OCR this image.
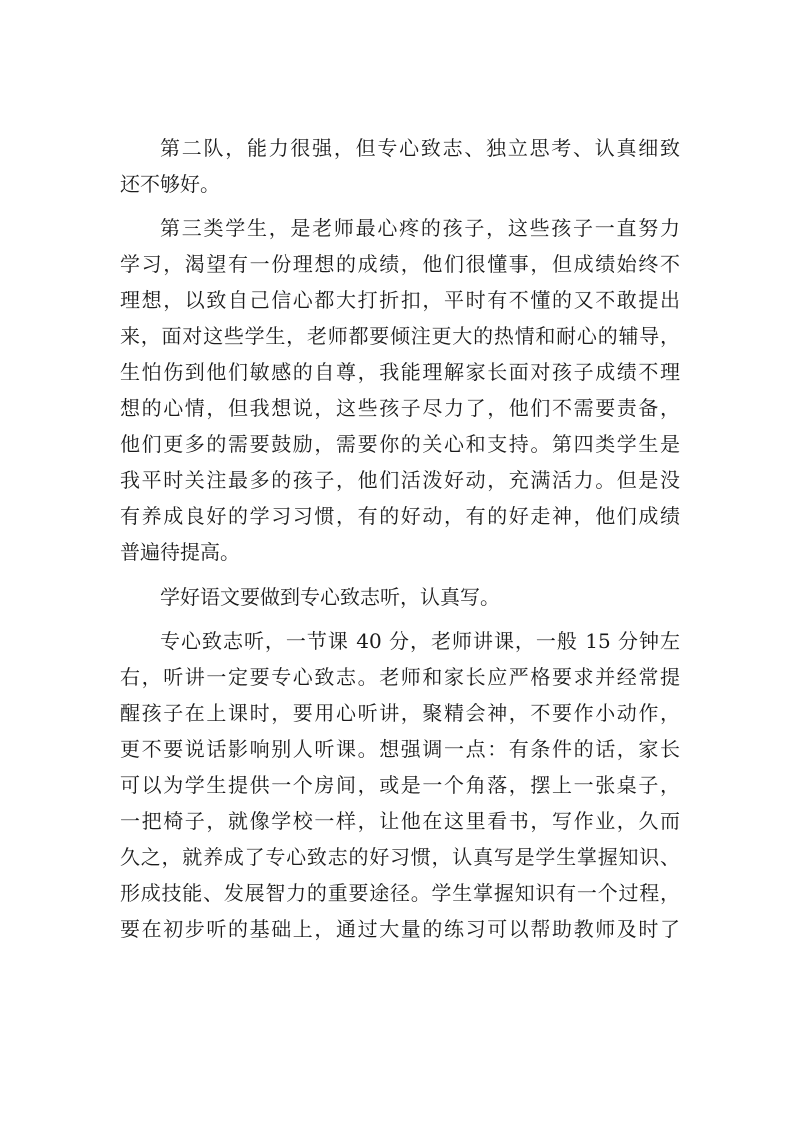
第二队，能力很强，但专心致志、独立思考、认真细致

还不够好。

第三类学生，是老师最心疼的孩子，这些孩子一直努力

学习，渴望有一份理想的成绩，他们很懂事，但成绩始终不

理想，以致自己信心都大打折扣，平时有不懂的又不敢提出

来，面对这些学生，老师都要倾注更大的热情和耐心的辅导，

生怕伤到他们敏感的自尊，我能理解家长面对孩子成绩不理

想的心情，但我想说，这些孩子尽力了，他们不需要责备，

他们更多的需要鼓励，需要你的关心和支持。第四类学生是

我平时关注最多的孩子，他们活泼好动，充满活力。但是没

有养成良好的学习习惯，有的好动，有的好走神，他们成绩

普遍待提高。

学好语文要做到专心致志听，认真写。

专心致志听，一节课 40 分，老师讲课，一般 15 分钟左

右，听讲一定要专心致志。老师和家长应严格要求并经常提

醒孩子在上课时，要用心听讲，聚精会神，不要作小动作，

更不要说话影响别人听课。想强调一点：有条件的话，家长

可以为学生提供一个房间，或是一个角落，摆上一张桌子，

一把椅子，就像学校一样，让他在这里看书，写作业，久而

久之，就养成了专心致志的好习惯，认真写是学生掌握知识、

形成技能、发展智力的重要途径。学生掌握知识有一个过程，

要在初步听的基础上，通过大量的练习可以帮助教师及时了
